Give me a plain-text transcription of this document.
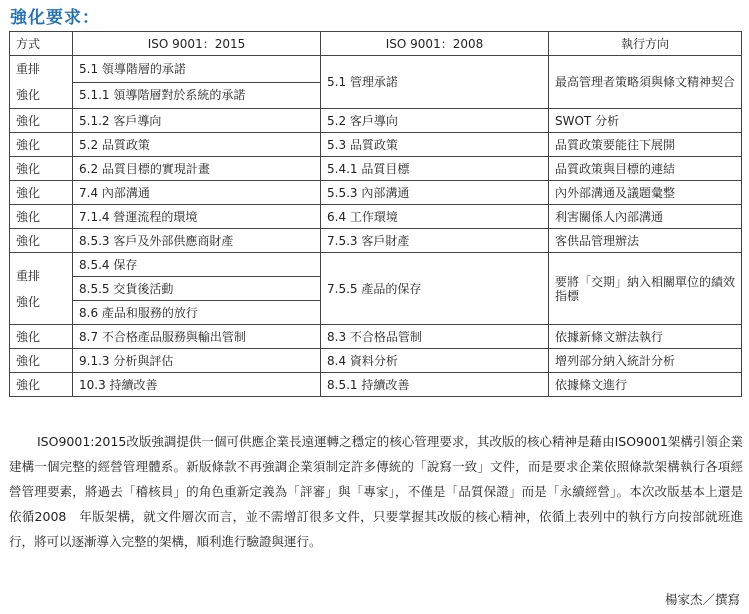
強化要求：
方式	ISO 9001：2015	ISO 9001：2008	執行方向

重排
強化	5.1 領導階層的承諾	5.1 管理承諾	最高管理者策略須與條文精神契合
	5.1.1 領導階層對於系統的承諾		
強化	5.1.2 客戶導向	5.2 客戶導向	SWOT 分析
強化	5.2 品質政策	5.3 品質政策	品質政策要能往下展開
強化	6.2 品質目標的實現計畫	5.4.1 品質目標	品質政策與目標的連結
強化	7.4 內部溝通	5.5.3 內部溝通	內外部溝通及議題彙整
強化	7.1.4 營運流程的環境	6.4 工作環境	利害關係人內部溝通
強化	8.5.3 客戶及外部供應商財產	7.5.3 客戶財產	客供品管理辦法

重排
強化	8.5.4 保存	7.5.5 產品的保存	要將「交期」納入相關單位的績效指標
	8.5.5 交貨後活動		
	8.6 產品和服務的放行		
強化	8.7 不合格產品服務與輸出管制	8.3 不合格品管制	依據新條文辦法執行
強化	9.1.3 分析與評估	8.4 資料分析	增列部分納入統計分析
強化	10.3 持續改善	8.5.1 持續改善	依據條文進行
ISO9001:2015改版強調提供一個可供應企業長遠運轉之穩定的核心管理要求，其改版的核心精神是藉由ISO9001架構引領企業建構一個完整的經營管理體系。新版條款不再強調企業須制定許多傳統的「說寫一致」文件，而是要求企業依照條款架構執行各項經營管理要素，將過去「稽核員」的角色重新定義為「評審」與「專家」，不僅是「品質保證」而是「永續經營」。本次改版基本上還是依循2008　年版架構，就文件層次而言，並不需增訂很多文件，只要掌握其改版的核心精神，依循上表列中的執行方向按部就班進行，將可以逐漸導入完整的架構，順利進行驗證與運行。
楊家杰／撰寫
